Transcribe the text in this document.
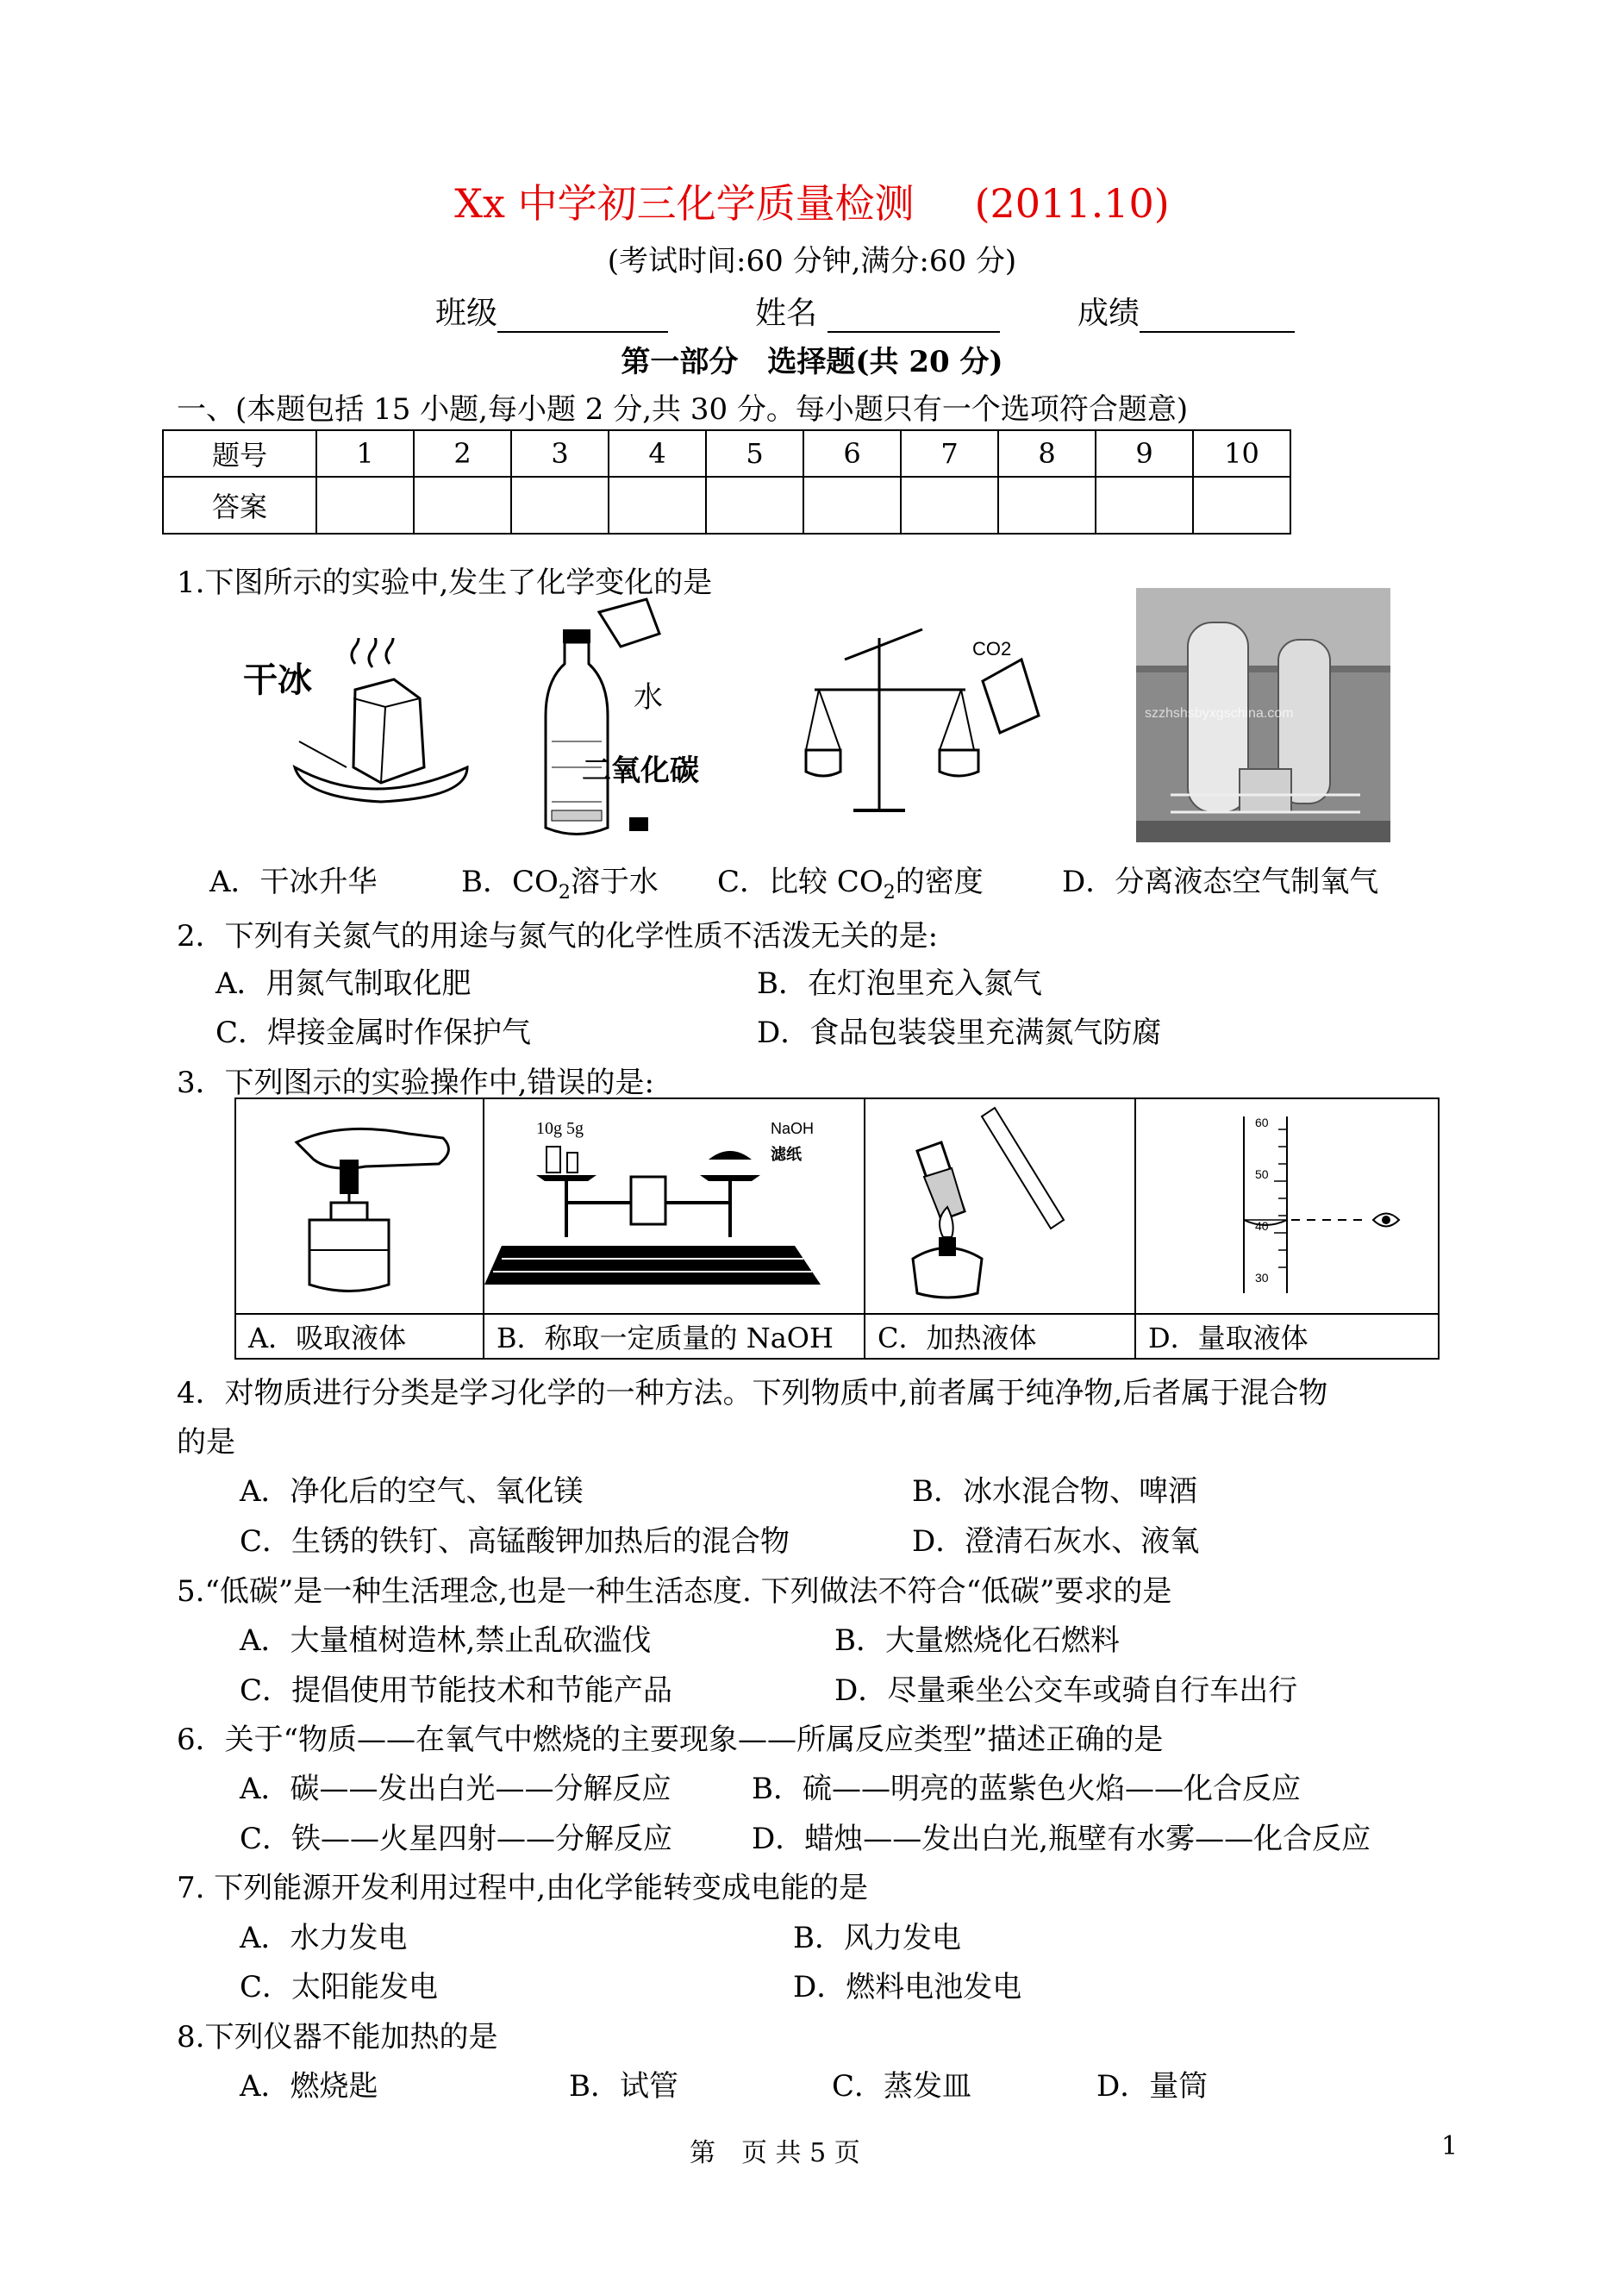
Xx 中学初三化学质量检测 (2011.10)
(考试时间:60 分钟,满分:60 分)
班级	姓名	成绩
第一部分　选择题(共 20 分)
一、(本题包括 15 小题,每小题 2 分,共 30 分。每小题只有一个选项符合题意)
题号	1	2	3	4	5	6	7	8	9	10
答案										
1.下图所示的实验中,发生了化学变化的是
干冰	水
二氧化碳
CO2
szzhshsbyxgschina.com
A．干冰升华	B．$CO_2$溶于水 C．比较 $CO_2$的密度	D．分离液态空气制氧气
2．下列有关氮气的用途与氮气的化学性质不活泼无关的是:
A．用氮气制取化肥	B．在灯泡里充入氮气
C．焊接金属时作保护气	D．食品包装袋里充满氮气防腐
3．下列图示的实验操作中,错误的是:

10g 5g NaOH
滤纸		60
50
40
30

A．吸取液体	B．称取一定质量的 NaOH	C．加热液体	D．量取液体
4．对物质进行分类是学习化学的一种方法。下列物质中,前者属于纯净物,后者属于混合物
的是
A．净化后的空气、氧化镁	B．冰水混合物、啤酒
C．生锈的铁钉、高锰酸钾加热后的混合物	D．澄清石灰水、液氧
5.“低碳”是一种生活理念,也是一种生活态度. 下列做法不符合“低碳”要求的是
A．大量植树造林,禁止乱砍滥伐	B．大量燃烧化石燃料
C．提倡使用节能技术和节能产品	D．尽量乘坐公交车或骑自行车出行
6．关于“物质——在氧气中燃烧的主要现象——所属反应类型”描述正确的是
A．碳——发出白光——分解反应	B．硫——明亮的蓝紫色火焰——化合反应
C．铁——火星四射——分解反应	D．蜡烛——发出白光,瓶壁有水雾——化合反应
7. 下列能源开发利用过程中,由化学能转变成电能的是
A．水力发电	B．风力发电
C．太阳能发电	D．燃料电池发电
8.下列仪器不能加热的是
A．燃烧匙	B．试管	C．蒸发皿	D．量筒
第　页 共 5 页	1
